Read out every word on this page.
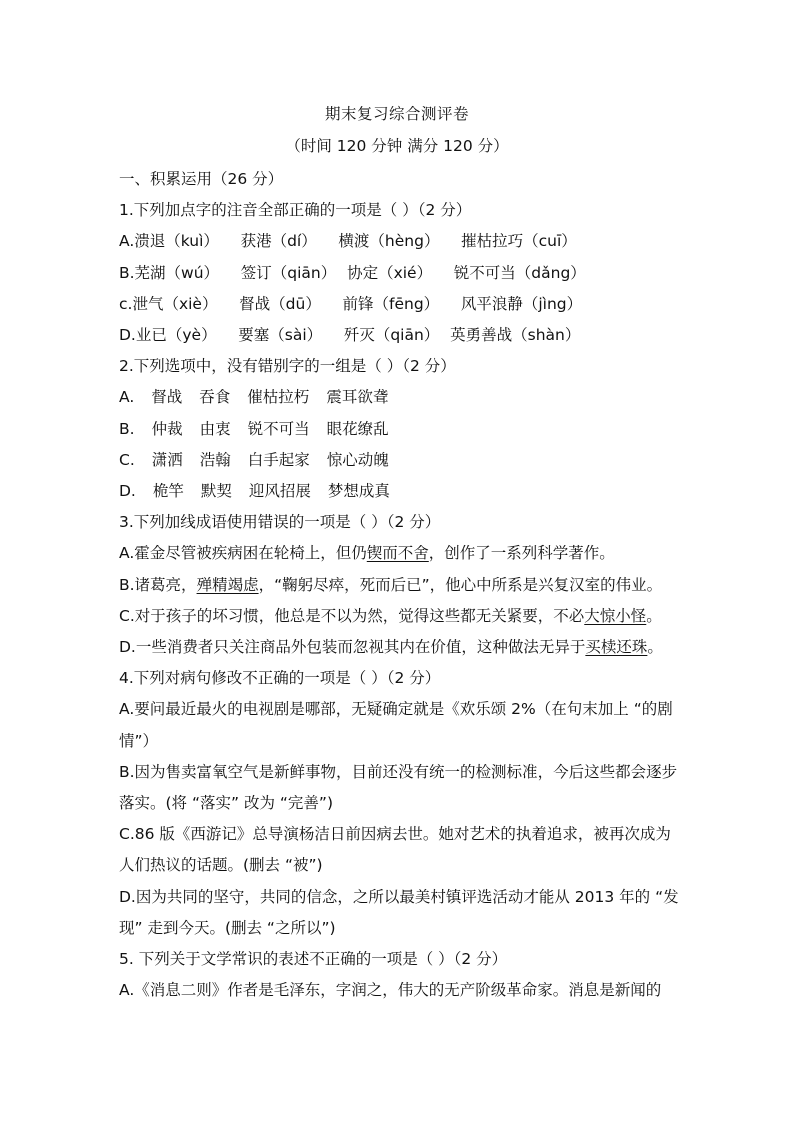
期末复习综合测评卷
（时间 120 分钟 满分 120 分）
一、积累运用（26 分）
1.下列加点字的注音全部正确的一项是（ ）（2 分）
A.溃退（kuì） 获港（dí） 横渡（hèng） 摧枯拉巧（cuī）
B.芜湖（wú） 签订（qiān） 协定（xié） 锐不可当（dǎng）
c.泄气（xiè） 督战（dū） 前锋（fēng） 风平浪静（jìng）
D.业已（yè） 要塞（sài） 歼灭（qiān） 英勇善战（shàn）
2.下列选项中，没有错别字的一组是（ ）（2 分）
A. 督战 吞食 催枯拉朽 震耳欲聋
B. 仲裁 由衷 锐不可当 眼花缭乱
C. 潇洒 浩翰 白手起家 惊心动魄
D. 桅竿 默契 迎风招展 梦想成真
3.下列加线成语使用错误的一项是（ ）（2 分）
A.霍金尽管被疾病困在轮椅上，但仍锲而不舍，创作了一系列科学著作。
B.诸葛亮，殚精竭虑，“鞠躬尽瘁，死而后已”，他心中所系是兴复汉室的伟业。
C.对于孩子的坏习惯，他总是不以为然，觉得这些都无关紧要，不必大惊小怪。
D.一些消费者只关注商品外包装而忽视其内在价值，这种做法无异于买椟还珠。
4.下列对病句修改不正确的一项是（ ）（2 分）
A.要问最近最火的电视剧是哪部，无疑确定就是《欢乐颂 2%（在句末加上 “的剧情”）
B.因为售卖富氧空气是新鲜事物，目前还没有统一的检测标准，今后这些都会逐步落实。(将 “落实” 改为 “完善”)
C.86 版《西游记》总导演杨洁日前因病去世。她对艺术的执着追求，被再次成为人们热议的话题。(删去 “被”)
D.因为共同的坚守，共同的信念，之所以最美村镇评选活动才能从 2013 年的 “发现” 走到今天。(删去 “之所以”)
5. 下列关于文学常识的表述不正确的一项是（ ）（2 分）
A.《消息二则》作者是毛泽东，字润之，伟大的无产阶级革命家。消息是新闻的
